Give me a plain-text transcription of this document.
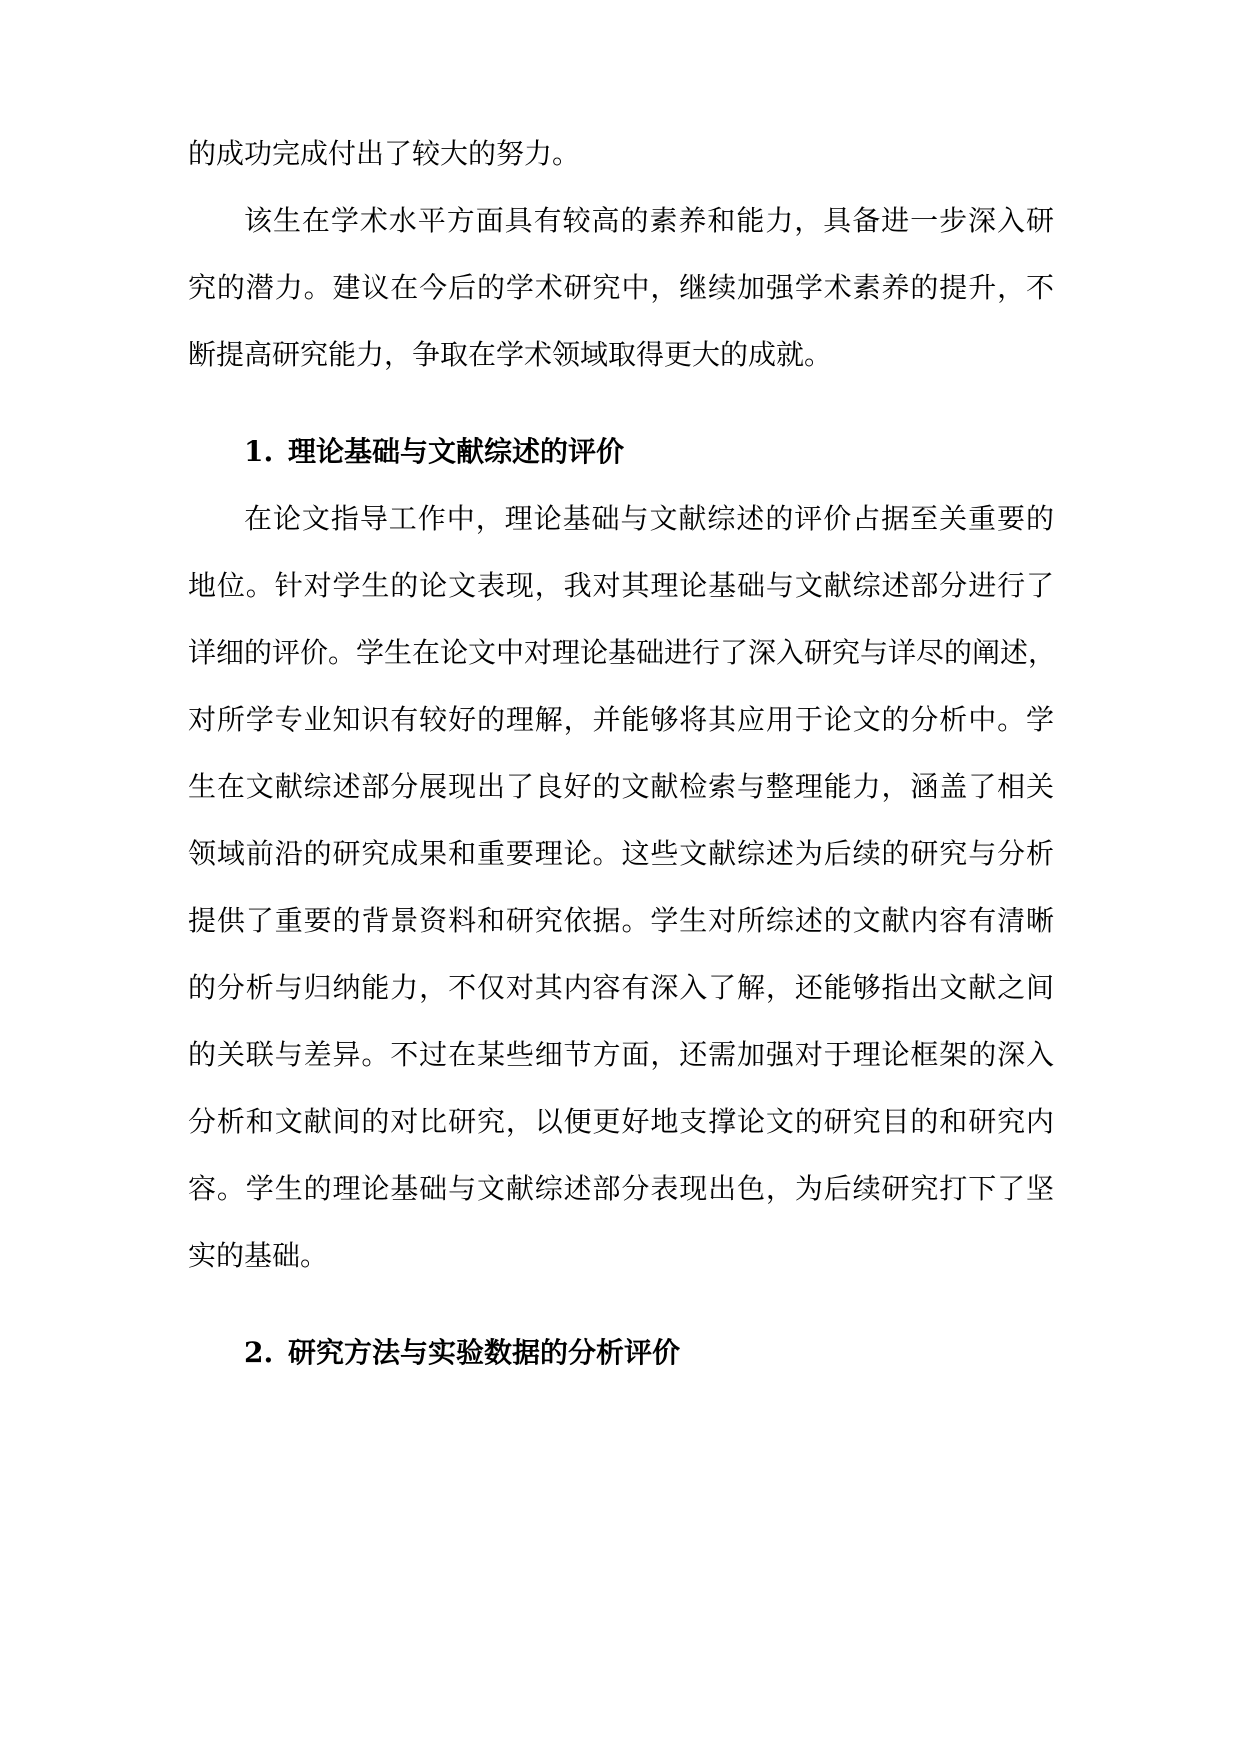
的成功完成付出了较大的努力。
该生在学术水平方面具有较高的素养和能力，具备进一步深入研
究的潜力。建议在今后的学术研究中，继续加强学术素养的提升，不
断提高研究能力，争取在学术领域取得更大的成就。
1. 理论基础与文献综述的评价
在论文指导工作中，理论基础与文献综述的评价占据至关重要的
地位。针对学生的论文表现，我对其理论基础与文献综述部分进行了
详细的评价。学生在论文中对理论基础进行了深入研究与详尽的阐述，
对所学专业知识有较好的理解，并能够将其应用于论文的分析中。学
生在文献综述部分展现出了良好的文献检索与整理能力，涵盖了相关
领域前沿的研究成果和重要理论。这些文献综述为后续的研究与分析
提供了重要的背景资料和研究依据。学生对所综述的文献内容有清晰
的分析与归纳能力，不仅对其内容有深入了解，还能够指出文献之间
的关联与差异。不过在某些细节方面，还需加强对于理论框架的深入
分析和文献间的对比研究，以便更好地支撑论文的研究目的和研究内
容。学生的理论基础与文献综述部分表现出色，为后续研究打下了坚
实的基础。
2. 研究方法与实验数据的分析评价
